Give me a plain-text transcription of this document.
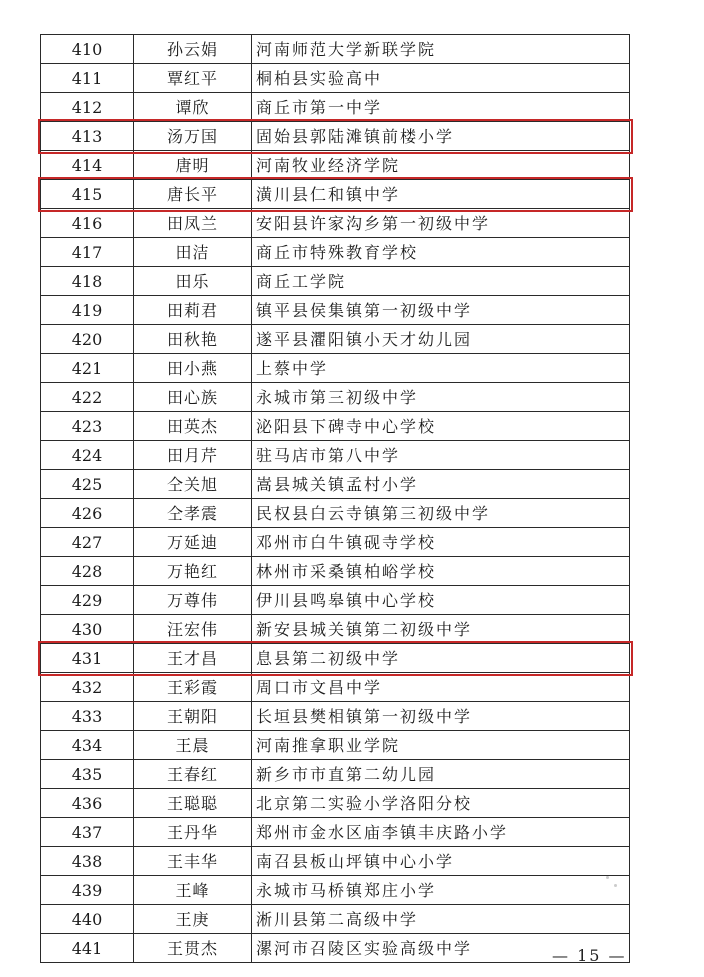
410	孙云娟	河南师范大学新联学院
411	覃红平	桐柏县实验高中
412	谭欣	商丘市第一中学
413	汤万国	固始县郭陆滩镇前楼小学
414	唐明	河南牧业经济学院
415	唐长平	潢川县仁和镇中学
416	田凤兰	安阳县许家沟乡第一初级中学
417	田洁	商丘市特殊教育学校
418	田乐	商丘工学院
419	田莉君	镇平县侯集镇第一初级中学
420	田秋艳	遂平县灈阳镇小天才幼儿园
421	田小燕	上蔡中学
422	田心族	永城市第三初级中学
423	田英杰	泌阳县下碑寺中心学校
424	田月芹	驻马店市第八中学
425	仝关旭	嵩县城关镇孟村小学
426	仝孝震	民权县白云寺镇第三初级中学
427	万延迪	邓州市白牛镇砚寺学校
428	万艳红	林州市采桑镇柏峪学校
429	万尊伟	伊川县鸣皋镇中心学校
430	汪宏伟	新安县城关镇第二初级中学
431	王才昌	息县第二初级中学
432	王彩霞	周口市文昌中学
433	王朝阳	长垣县樊相镇第一初级中学
434	王晨	河南推拿职业学院
435	王春红	新乡市市直第二幼儿园
436	王聪聪	北京第二实验小学洛阳分校
437	王丹华	郑州市金水区庙李镇丰庆路小学
438	王丰华	南召县板山坪镇中心小学
439	王峰	永城市马桥镇郑庄小学
440	王庚	淅川县第二高级中学
441	王贯杰	漯河市召陵区实验高级中学	— 15 —
